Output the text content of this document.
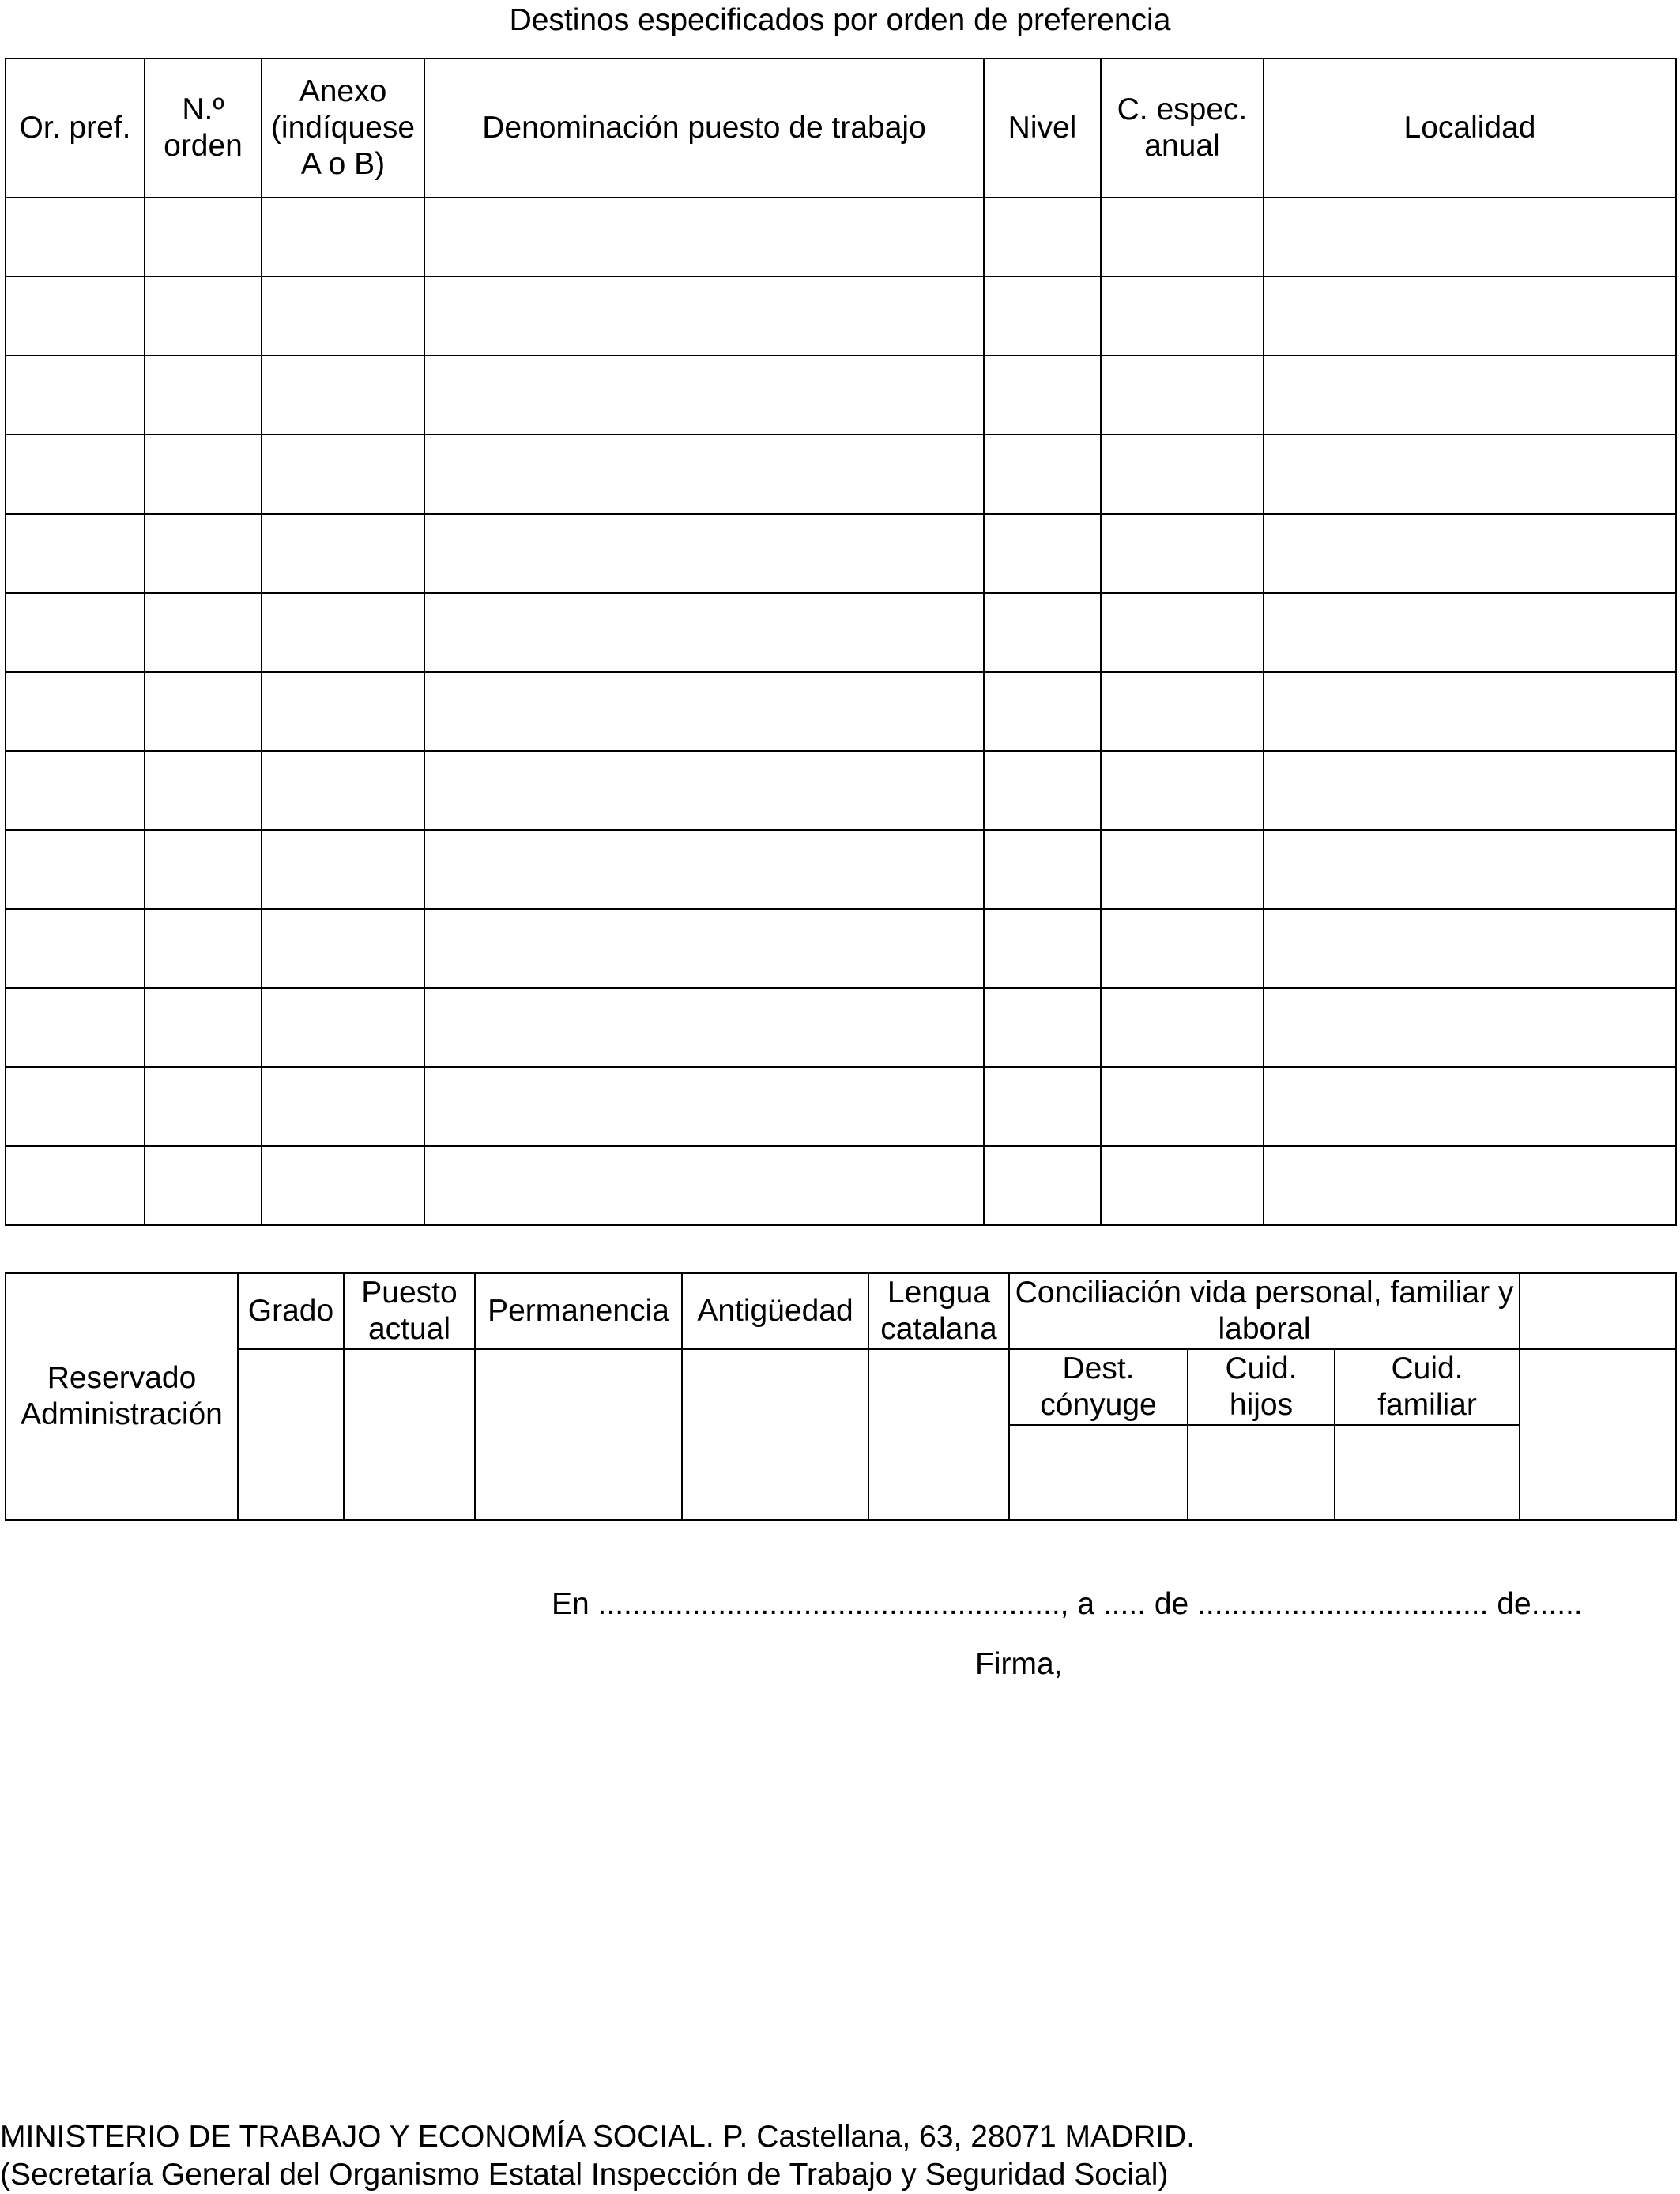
Destinos especificados por orden de preferencia
Or. pref.	N.º orden	Anexo (indíquese A o B)	Denominación puesto de trabajo	Nivel	C. espec. anual	Localidad

Reservado Administración	Grado	Puesto actual	Permanencia	Antigüedad	Lengua catalana	Conciliación vida personal, familiar y laboral			
						Dest. cónyuge	Cuid. hijos	Cuid. familiar	

En ......................................................, a ..... de .................................. de......
Firma,
MINISTERIO DE TRABAJO Y ECONOMÍA SOCIAL. P. Castellana, 63, 28071 MADRID.
(Secretaría General del Organismo Estatal Inspección de Trabajo y Seguridad Social)
